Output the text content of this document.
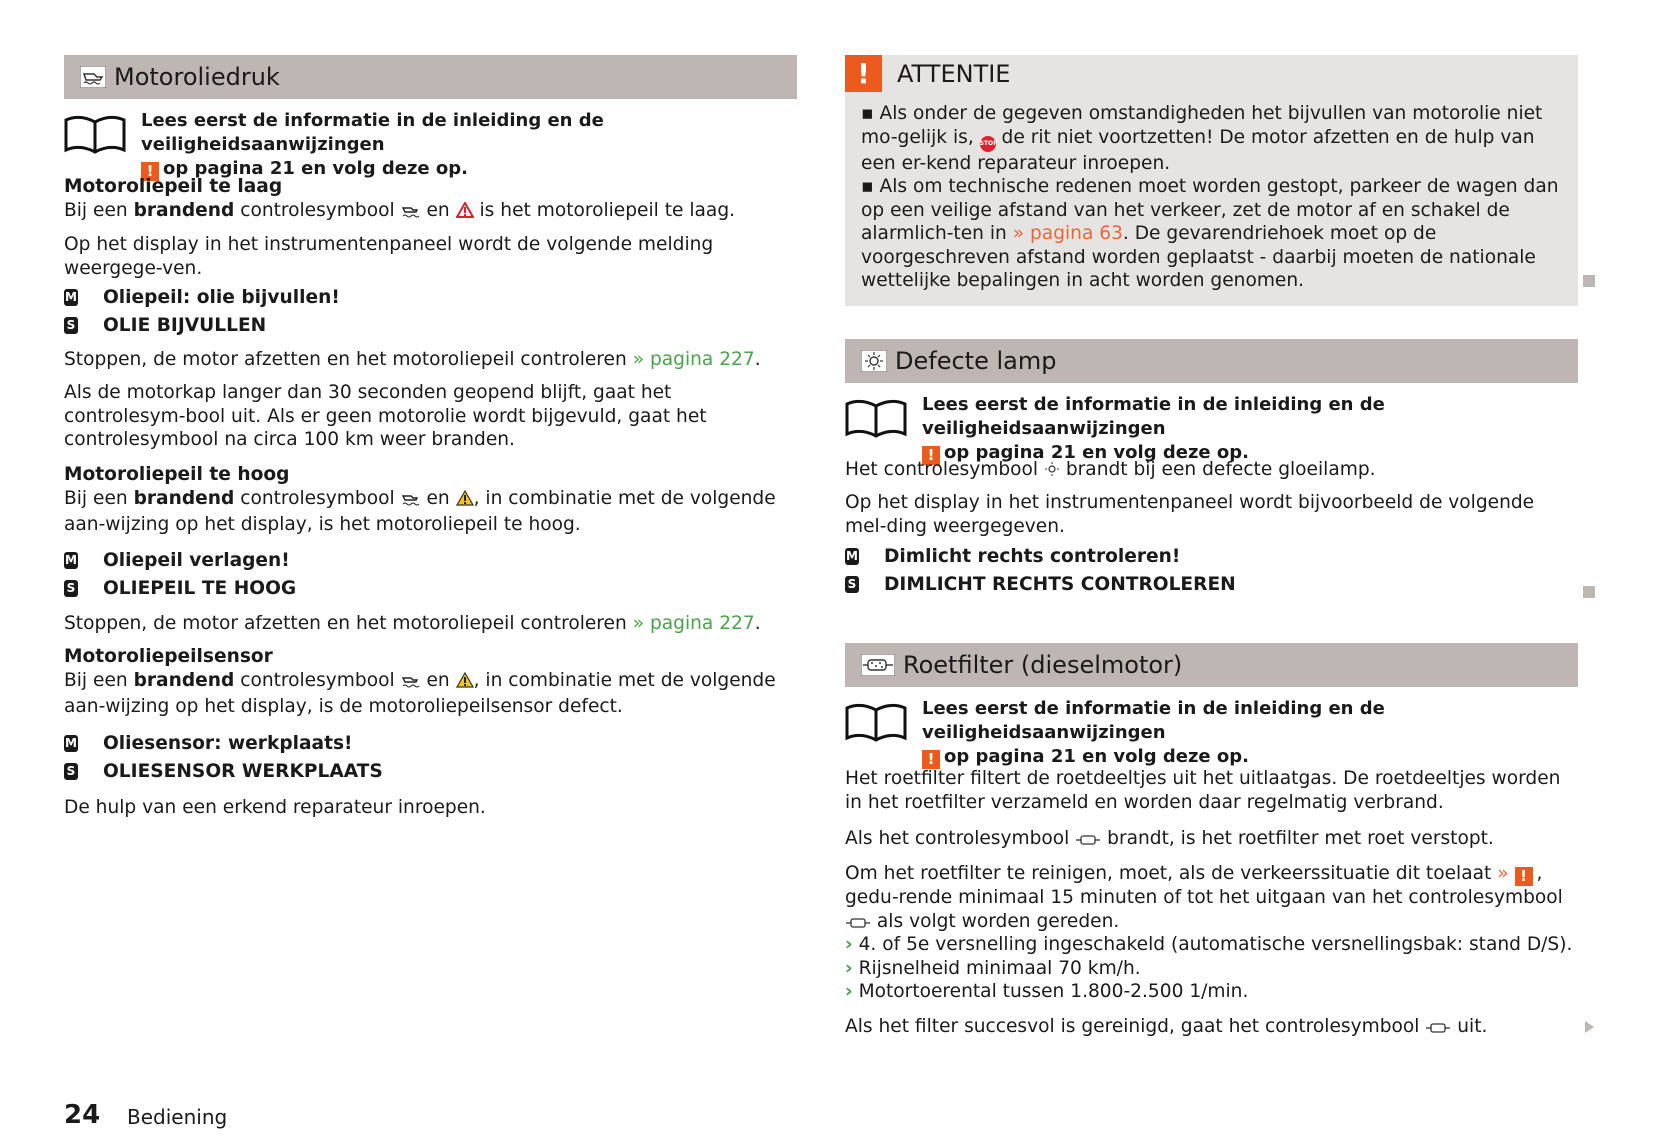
Motoroliedruk
Lees eerst de informatie in de inleiding en de veiligheidsaanwijzingen
! op pagina 21 en volg deze op.
Motoroliepeil te laag
Bij een brandend controlesymbool  en  is het motoroliepeil te laag.
Op het display in het instrumentenpaneel wordt de volgende melding weergege-ven.
M Oliepeil: olie bijvullen!
S OLIE BIJVULLEN
Stoppen, de motor afzetten en het motoroliepeil controleren » pagina 227.
Als de motorkap langer dan 30 seconden geopend blijft, gaat het controlesym-bool uit. Als er geen motorolie wordt bijgevuld, gaat het controlesymbool na circa 100 km weer branden.
Motoroliepeil te hoog
Bij een brandend controlesymbool  en , in combinatie met de volgende aan-wijzing op het display, is het motoroliepeil te hoog.
M Oliepeil verlagen!
S OLIEPEIL TE HOOG
Stoppen, de motor afzetten en het motoroliepeil controleren » pagina 227.
Motoroliepeilsensor
Bij een brandend controlesymbool  en , in combinatie met de volgende aan-wijzing op het display, is de motoroliepeilsensor defect.
M Oliesensor: werkplaats!
S OLIESENSOR WERKPLAATS
De hulp van een erkend reparateur inroepen.
!	ATTENTIE
▪ Als onder de gegeven omstandigheden het bijvullen van motorolie niet mo-gelijk is, STOP de rit niet voortzetten! De motor afzetten en de hulp van een er-kend reparateur inroepen.
▪ Als om technische redenen moet worden gestopt, parkeer de wagen dan op een veilige afstand van het verkeer, zet de motor af en schakel de alarmlich-ten in » pagina 63. De gevarendriehoek moet op de voorgeschreven afstand worden geplaatst - daarbij moeten de nationale wettelijke bepalingen in acht worden genomen.
Defecte lamp
Lees eerst de informatie in de inleiding en de veiligheidsaanwijzingen
! op pagina 21 en volg deze op.
Het controlesymbool  brandt bij een defecte gloeilamp.
Op het display in het instrumentenpaneel wordt bijvoorbeeld de volgende mel-ding weergegeven.
M Dimlicht rechts controleren!
S DIMLICHT RECHTS CONTROLEREN
Roetfilter (dieselmotor)
Lees eerst de informatie in de inleiding en de veiligheidsaanwijzingen
! op pagina 21 en volg deze op.
Het roetfilter filtert de roetdeeltjes uit het uitlaatgas. De roetdeeltjes worden in het roetfilter verzameld en worden daar regelmatig verbrand.
Als het controlesymbool  brandt, is het roetfilter met roet verstopt.
Om het roetfilter te reinigen, moet, als de verkeerssituatie dit toelaat » ! , gedu-rende minimaal 15 minuten of tot het uitgaan van het controlesymbool  als volgt worden gereden.
› 4. of 5e versnelling ingeschakeld (automatische versnellingsbak: stand D/S).
› Rijsnelheid minimaal 70 km/h.
› Motortoerental tussen 1.800-2.500 1/min.
Als het filter succesvol is gereinigd, gaat het controlesymbool  uit.
24 Bediening
